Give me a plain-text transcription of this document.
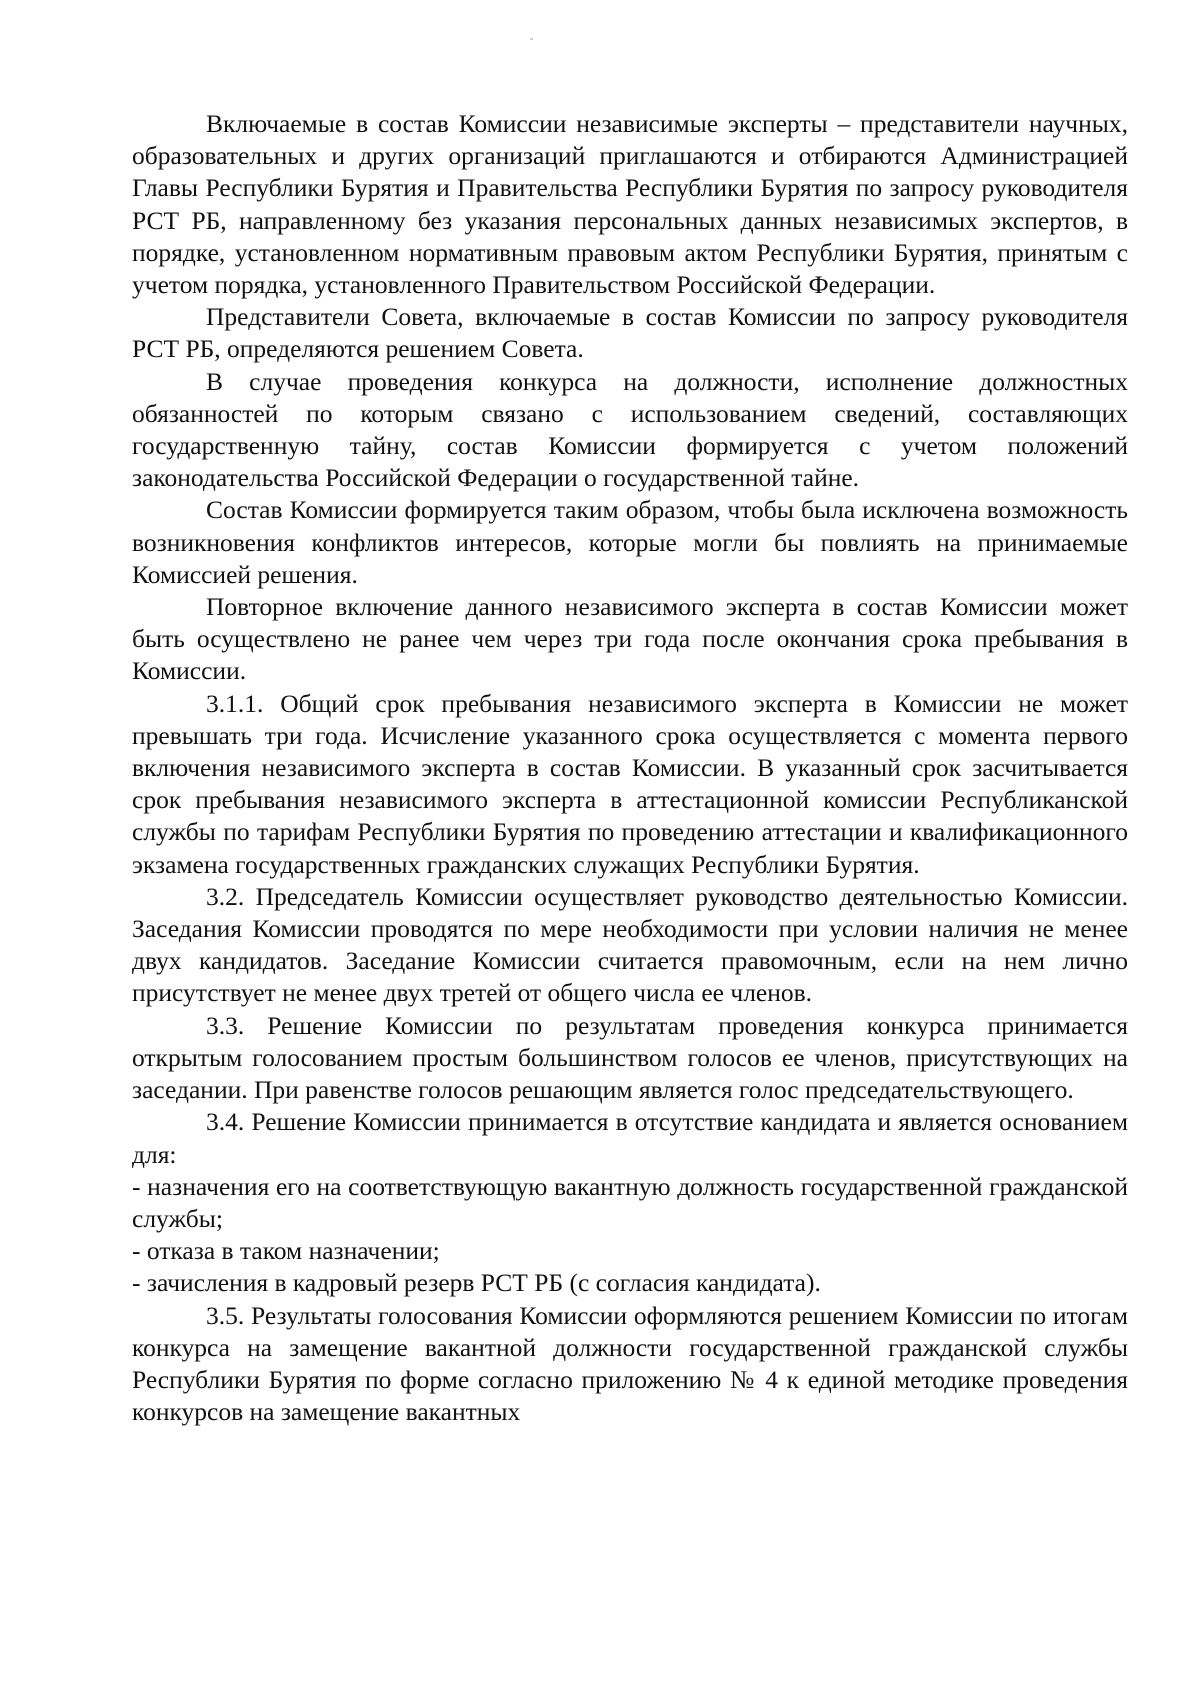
Включаемые в состав Комиссии независимые эксперты – представители научных, образовательных и других организаций приглашаются и отбираются Администрацией Главы Республики Бурятия и Правительства Республики Бурятия по запросу руководителя РСТ РБ, направленному без указания персональных данных независимых экспертов, в порядке, установленном нормативным правовым актом Республики Бурятия, принятым с учетом порядка, установленного Правительством Российской Федерации.

Представители Совета, включаемые в состав Комиссии по запросу руководителя РСТ РБ, определяются решением Совета.

В случае проведения конкурса на должности, исполнение должностных обязанностей по которым связано с использованием сведений, составляющих государственную тайну, состав Комиссии формируется с учетом положений законодательства Российской Федерации о государственной тайне.

Состав Комиссии формируется таким образом, чтобы была исключена возможность возникновения конфликтов интересов, которые могли бы повлиять на принимаемые Комиссией решения.

Повторное включение данного независимого эксперта в состав Комиссии может быть осуществлено не ранее чем через три года после окончания срока пребывания в Комиссии.

3.1.1. Общий срок пребывания независимого эксперта в Комиссии не может превышать три года. Исчисление указанного срока осуществляется с момента первого включения независимого эксперта в состав Комиссии. В указанный срок засчитывается срок пребывания независимого эксперта в аттестационной комиссии Республиканской службы по тарифам Республики Бурятия по проведению аттестации и квалификационного экзамена государственных гражданских служащих Республики Бурятия.

3.2. Председатель Комиссии осуществляет руководство деятельностью Комиссии. Заседания Комиссии проводятся по мере необходимости при условии наличия не менее двух кандидатов. Заседание Комиссии считается правомочным, если на нем лично присутствует не менее двух третей от общего числа ее членов.

3.3. Решение Комиссии по результатам проведения конкурса принимается открытым голосованием простым большинством голосов ее членов, присутствующих на заседании. При равенстве голосов решающим является голос председательствующего.

3.4. Решение Комиссии принимается в отсутствие кандидата и является основанием для:

- назначения его на соответствующую вакантную должность государственной гражданской службы;

- отказа в таком назначении;

- зачисления в кадровый резерв РСТ РБ (с согласия кандидата).

3.5. Результаты голосования Комиссии оформляются решением Комиссии по итогам конкурса на замещение вакантной должности государственной гражданской службы Республики Бурятия по форме согласно приложению № 4 к единой методике проведения конкурсов на замещение вакантных
